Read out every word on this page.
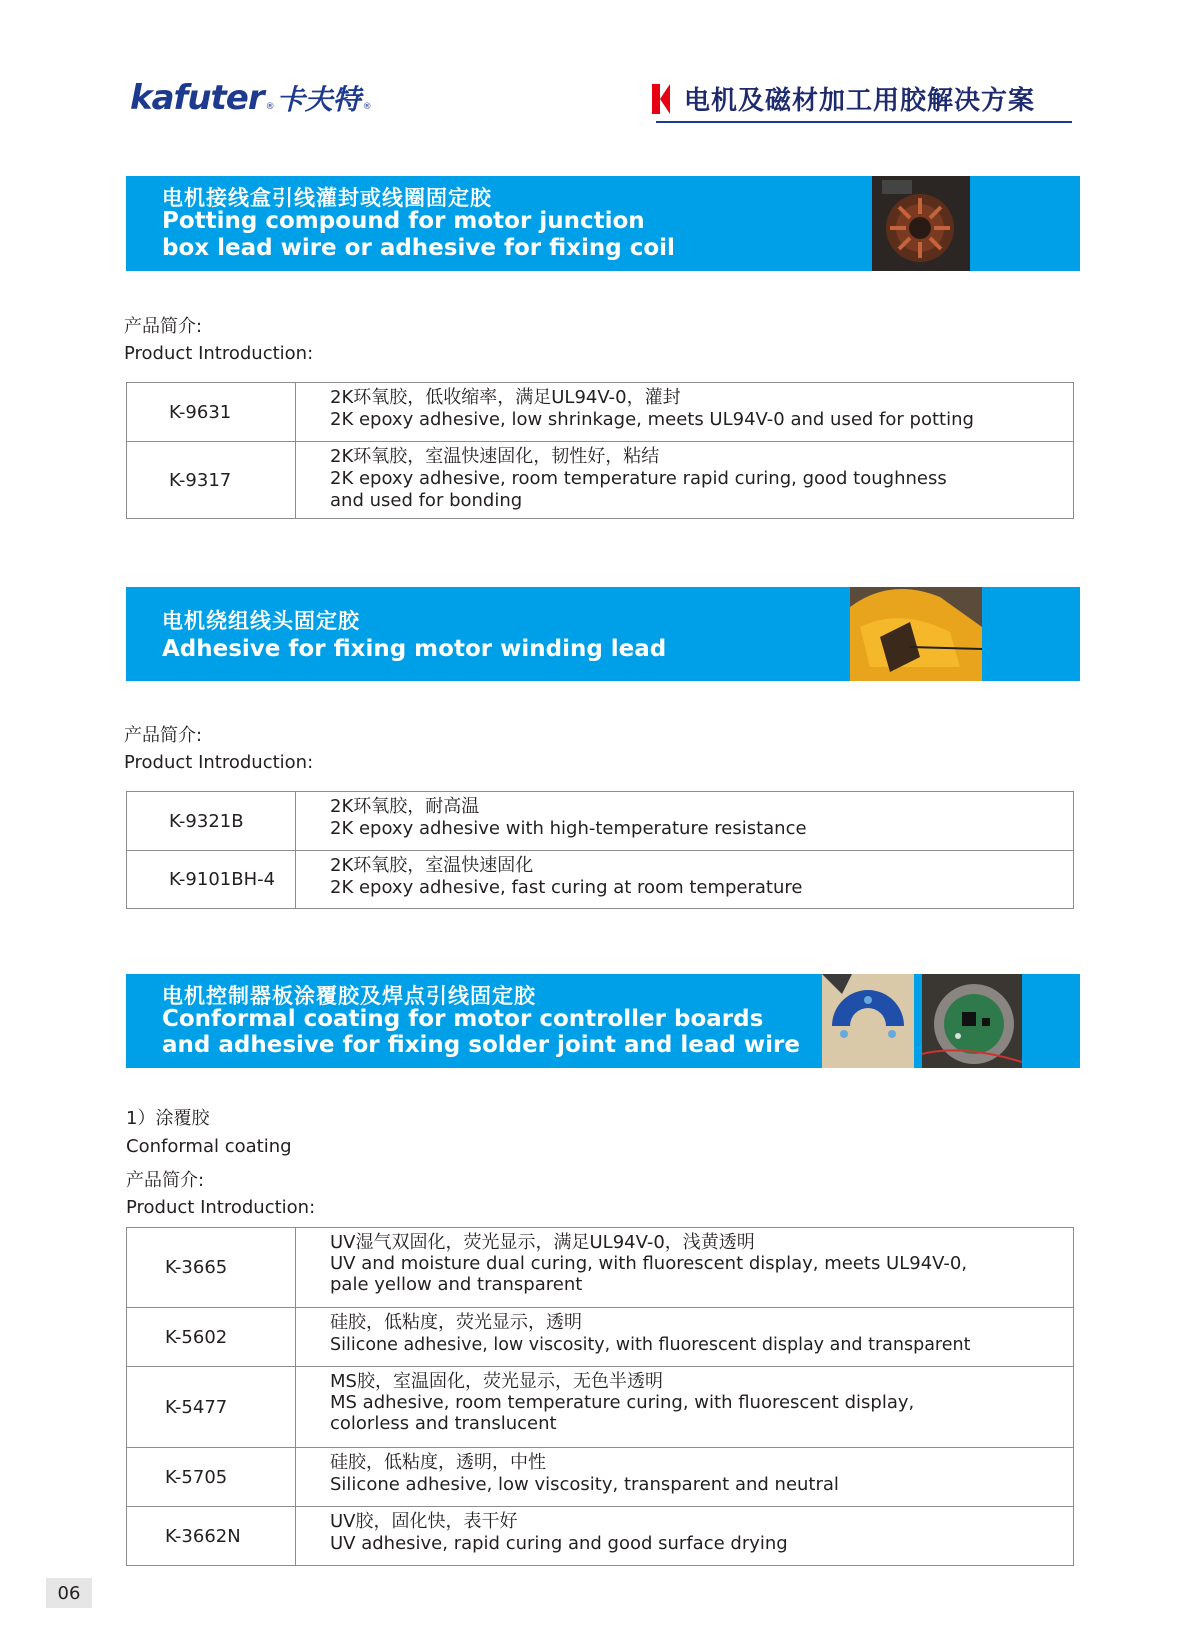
kafuter ® 卡夫特 ®	电机及磁材加工用胶解决方案
电机接线盒引线灌封或线圈固定胶
Potting compound for motor junction
box lead wire or adhesive for fixing coil
产品简介:
Product Introduction:
K-9631
2K环氧胶，低收缩率，满足UL94V-0，灌封
2K epoxy adhesive, low shrinkage, meets UL94V-0 and used for potting
K-9317
2K环氧胶，室温快速固化，韧性好，粘结
2K epoxy adhesive, room temperature rapid curing, good toughness
and used for bonding
电机绕组线头固定胶
Adhesive for fixing motor winding lead
产品简介:
Product Introduction:
K-9321B
2K环氧胶，耐高温
2K epoxy adhesive with high-temperature resistance
K-9101BH-4
2K环氧胶，室温快速固化
2K epoxy adhesive, fast curing at room temperature
电机控制器板涂覆胶及焊点引线固定胶
Conformal coating for motor controller boards
and adhesive for fixing solder joint and lead wire
1）涂覆胶
Conformal coating
产品简介:
Product Introduction:
K-3665
UV湿气双固化，荧光显示，满足UL94V-0，浅黄透明
UV and moisture dual curing, with fluorescent display, meets UL94V-0,
pale yellow and transparent
K-5602
硅胶，低粘度，荧光显示，透明
Silicone adhesive, low viscosity, with fluorescent display and transparent
K-5477
MS胶，室温固化，荧光显示，无色半透明
MS adhesive, room temperature curing, with fluorescent display,
colorless and translucent
K-5705
硅胶，低粘度，透明，中性
Silicone adhesive, low viscosity, transparent and neutral
K-3662N
UV胶，固化快，表干好
UV adhesive, rapid curing and good surface drying
06
